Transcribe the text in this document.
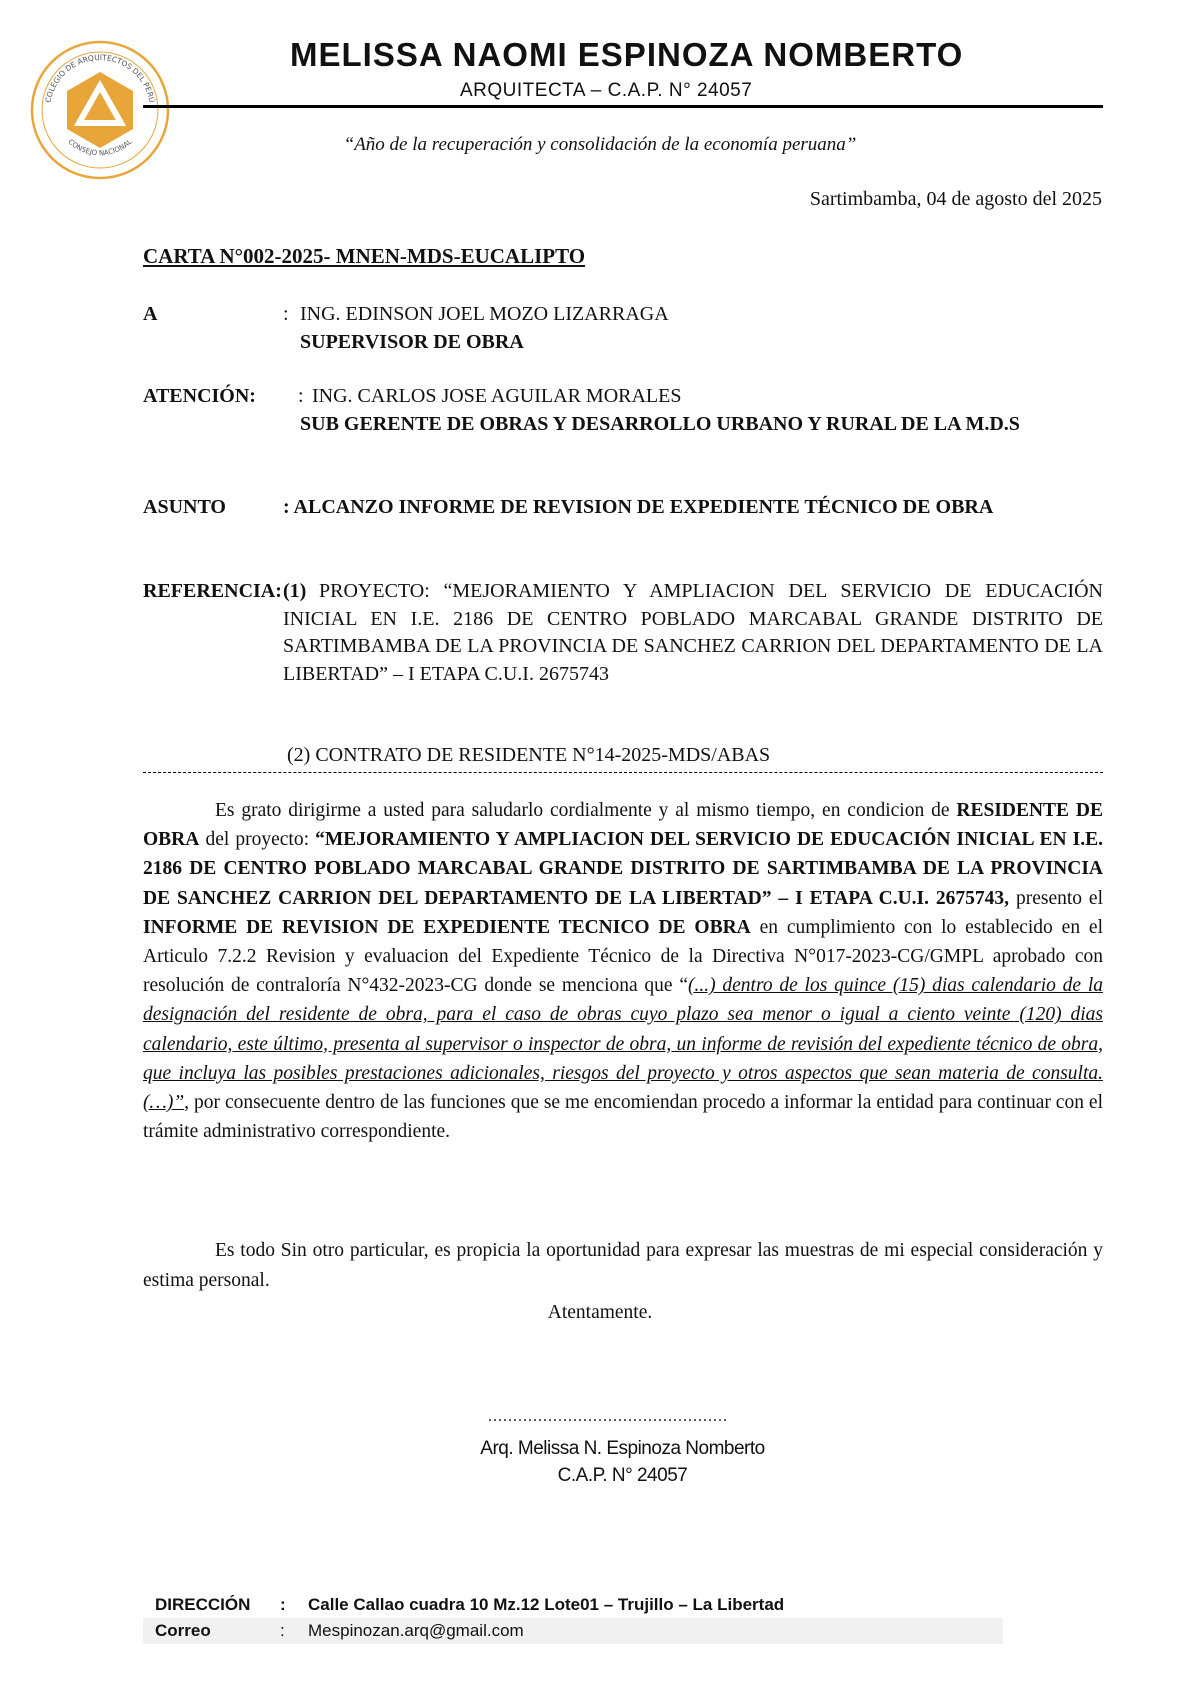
COLEGIO DE ARQUITECTOS DEL PERÚ
CONSEJO NACIONAL
MELISSA NAOMI ESPINOZA NOMBERTO
ARQUITECTA – C.A.P. N° 24057
“Año de la recuperación y consolidación de la economía peruana”
Sartimbamba, 04 de agosto del 2025
CARTA N°002-2025- MNEN-MDS-EUCALIPTO
A	: ING. EDINSON JOEL MOZO LIZARRAGA
SUPERVISOR DE OBRA
ATENCIÓN: : ING. CARLOS JOSE AGUILAR MORALES
SUB GERENTE DE OBRAS Y DESARROLLO URBANO Y RURAL DE LA M.D.S
ASUNTO	: ALCANZO INFORME DE REVISION DE EXPEDIENTE TÉCNICO DE OBRA
REFERENCIA: (1) PROYECTO: “MEJORAMIENTO Y AMPLIACION DEL SERVICIO DE EDUCACIÓN INICIAL EN I.E. 2186 DE CENTRO POBLADO MARCABAL GRANDE DISTRITO DE SARTIMBAMBA DE LA PROVINCIA DE SANCHEZ CARRION DEL DEPARTAMENTO DE LA LIBERTAD” – I ETAPA C.U.I. 2675743
(2) CONTRATO DE RESIDENTE N°14-2025-MDS/ABAS
Es grato dirigirme a usted para saludarlo cordialmente y al mismo tiempo, en condicion de RESIDENTE DE OBRA del proyecto: “MEJORAMIENTO Y AMPLIACION DEL SERVICIO DE EDUCACIÓN INICIAL EN I.E. 2186 DE CENTRO POBLADO MARCABAL GRANDE DISTRITO DE SARTIMBAMBA DE LA PROVINCIA DE SANCHEZ CARRION DEL DEPARTAMENTO DE LA LIBERTAD” – I ETAPA C.U.I. 2675743, presento el INFORME DE REVISION DE EXPEDIENTE TECNICO DE OBRA en cumplimiento con lo establecido en el Articulo 7.2.2 Revision y evaluacion del Expediente Técnico de la Directiva N°017-2023-CG/GMPL aprobado con resolución de contraloría N°432-2023-CG donde se menciona que “(...) dentro de los quince (15) dias calendario de la designación del residente de obra, para el caso de obras cuyo plazo sea menor o igual a ciento veinte (120) dias calendario, este último, presenta al supervisor o inspector de obra, un informe de revisión del expediente técnico de obra, que incluya las posibles prestaciones adicionales, riesgos del proyecto y otros aspectos que sean materia de consulta. (…)”, por consecuente dentro de las funciones que se me encomiendan procedo a informar la entidad para continuar con el trámite administrativo correspondiente.
Es todo Sin otro particular, es propicia la oportunidad para expresar las muestras de mi especial consideración y estima personal.
Atentamente.
................................................
Arq. Melissa N. Espinoza Nomberto
C.A.P. N° 24057
DIRECCIÓN : Calle Callao cuadra 10 Mz.12 Lote01 – Trujillo – La Libertad
Correo	: Mespinozan.arq@gmail.com
